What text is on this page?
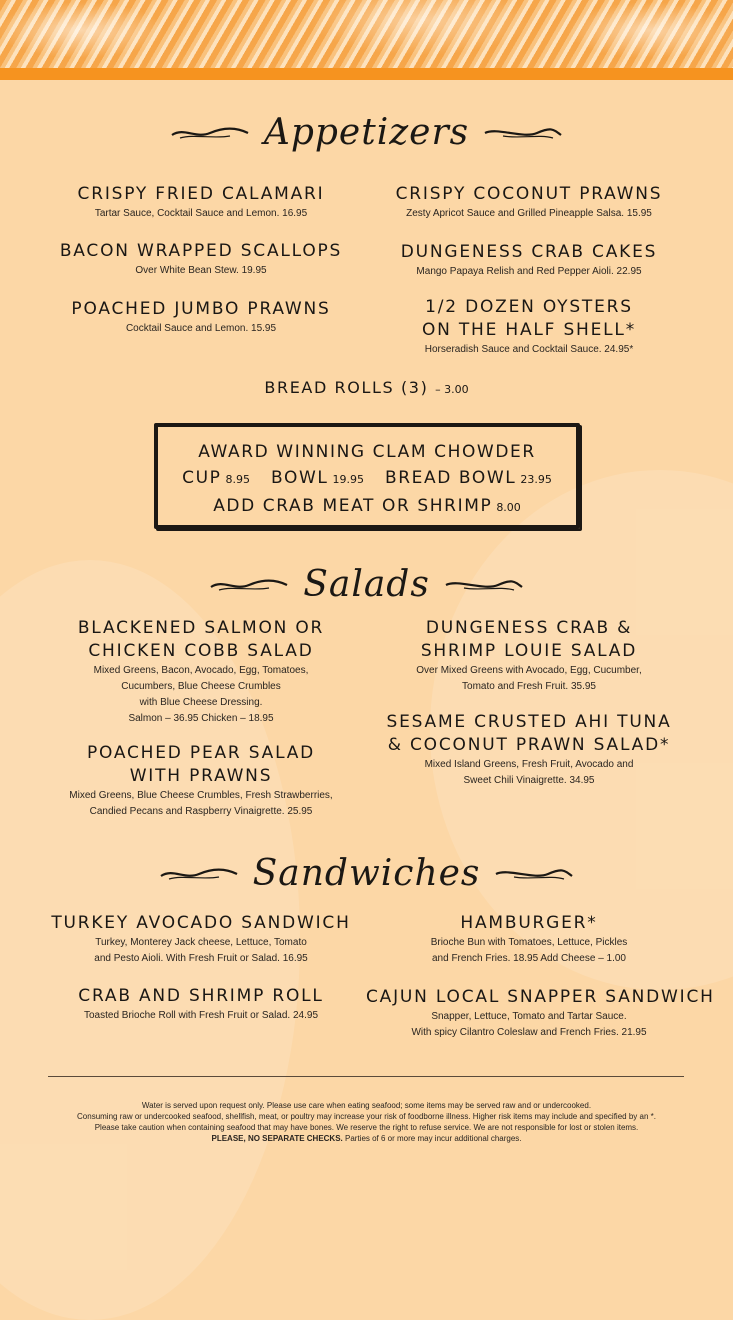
Appetizers
CRISPY FRIED CALAMARI
Tartar Sauce, Cocktail Sauce and Lemon. 16.95
BACON WRAPPED SCALLOPS
Over White Bean Stew. 19.95
POACHED JUMBO PRAWNS
Cocktail Sauce and Lemon. 15.95
CRISPY COCONUT PRAWNS
Zesty Apricot Sauce and Grilled Pineapple Salsa. 15.95
DUNGENESS CRAB CAKES
Mango Papaya Relish and Red Pepper Aioli. 22.95
1/2 DOZEN OYSTERS
ON THE HALF SHELL*
Horseradish Sauce and Cocktail Sauce. 24.95*
BREAD ROLLS (3) – 3.00
AWARD WINNING CLAM CHOWDER
CUP 8.95 BOWL 19.95 BREAD BOWL 23.95
ADD CRAB MEAT OR SHRIMP 8.00
Salads
BLACKENED SALMON OR
CHICKEN COBB SALAD
Mixed Greens, Bacon, Avocado, Egg, Tomatoes,
Cucumbers, Blue Cheese Crumbles
with Blue Cheese Dressing.
Salmon – 36.95 Chicken – 18.95
DUNGENESS CRAB &
SHRIMP LOUIE SALAD
Over Mixed Greens with Avocado, Egg, Cucumber,
Tomato and Fresh Fruit. 35.95
POACHED PEAR SALAD
WITH PRAWNS
Mixed Greens, Blue Cheese Crumbles, Fresh Strawberries,
Candied Pecans and Raspberry Vinaigrette. 25.95
SESAME CRUSTED AHI TUNA
& COCONUT PRAWN SALAD*
Mixed Island Greens, Fresh Fruit, Avocado and
Sweet Chili Vinaigrette. 34.95
Sandwiches
TURKEY AVOCADO SANDWICH
Turkey, Monterey Jack cheese, Lettuce, Tomato
and Pesto Aioli. With Fresh Fruit or Salad. 16.95
HAMBURGER*
Brioche Bun with Tomatoes, Lettuce, Pickles
and French Fries. 18.95 Add Cheese – 1.00
CRAB AND SHRIMP ROLL
Toasted Brioche Roll with Fresh Fruit or Salad. 24.95
CAJUN LOCAL SNAPPER SANDWICH
Snapper, Lettuce, Tomato and Tartar Sauce.
With spicy Cilantro Coleslaw and French Fries. 21.95
Water is served upon request only. Please use care when eating seafood; some items may be served raw and or undercooked.
Consuming raw or undercooked seafood, shellfish, meat, or poultry may increase your risk of foodborne illness. Higher risk items may include and specified by an *.
Please take caution when containing seafood that may have bones. We reserve the right to refuse service. We are not responsible for lost or stolen items.
PLEASE, NO SEPARATE CHECKS. Parties of 6 or more may incur additional charges.
